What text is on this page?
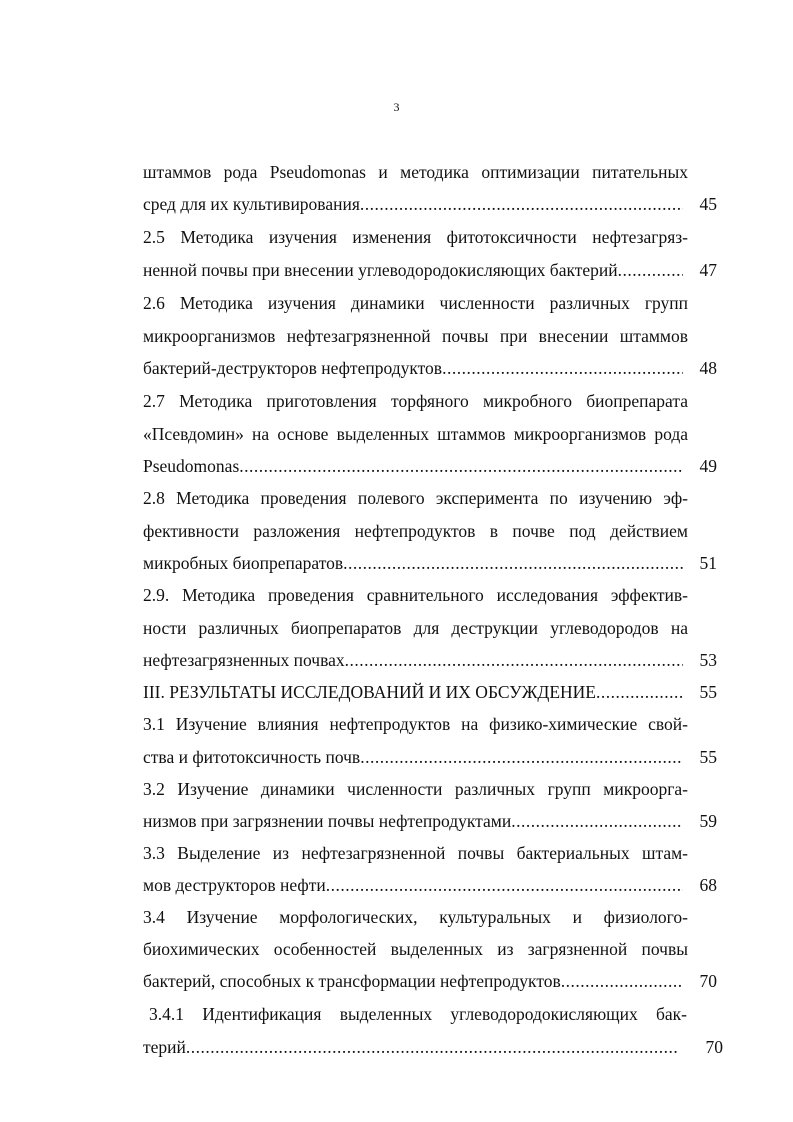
3
штаммов рода Pseudomonas и методика оптимизации питательных
сред для их культивирования .....	45
2.5 Методика изучения изменения фитотоксичности нефтезагряз-
ненной почвы при внесении углеводородокисляющих бактерий .....	47
2.6 Методика изучения динамики численности различных групп
микроорганизмов нефтезагрязненной почвы при внесении штаммов
бактерий-деструкторов нефтепродуктов .....	48
2.7 Методика приготовления торфяного микробного биопрепарата
«Псевдомин» на основе выделенных штаммов микроорганизмов рода
Pseudomonas .....	49
2.8 Методика проведения полевого эксперимента по изучению эф-
фективности разложения нефтепродуктов в почве под действием
микробных биопрепаратов .....	51
2.9. Методика проведения сравнительного исследования эффектив-
ности различных биопрепаратов для деструкции углеводородов на
нефтезагрязненных почвах .....	53
III. РЕЗУЛЬТАТЫ ИССЛЕДОВАНИЙ И ИХ ОБСУЖДЕНИЕ .....	55
3.1 Изучение влияния нефтепродуктов на физико-химические свой-
ства и фитотоксичность почв .....	55
3.2 Изучение динамики численности различных групп микроорга-
низмов при загрязнении почвы нефтепродуктами .....	59
3.3 Выделение из нефтезагрязненной почвы бактериальных штам-
мов деструкторов нефти .....	68
3.4 Изучение морфологических, культуральных и физиолого-
биохимических особенностей выделенных из загрязненной почвы
бактерий, способных к трансформации нефтепродуктов .....	70
3.4.1 Идентификация выделенных углеводородокисляющих бак-
терий .....	70
